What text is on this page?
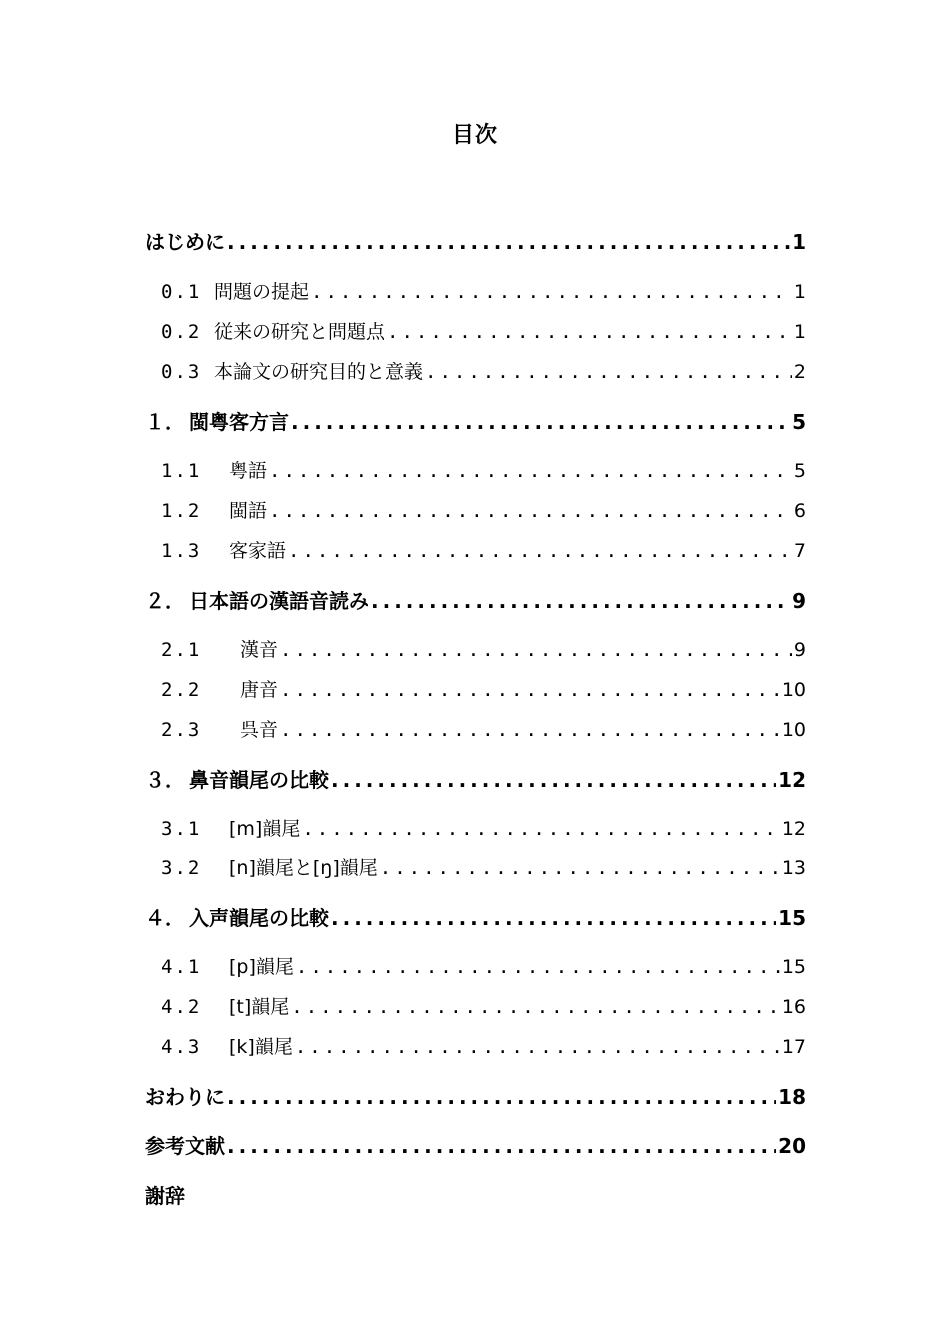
目次
はじめに .....	1
0.1 問題の提起 .....	1
0.2 従来の研究と問題点 .....	1
0.3 本論文の研究目的と意義 .....	2
１． 閩粤客方言 .....	5
1.1	粤語 .....	5
1.2	閩語 .....	6
1.3	客家語 .....	7
２． 日本語の漢語音読み .....	9
2.1	漢音 .....	9
2.2	唐音 .....	10
2.3	呉音 .....	10
３． 鼻音韻尾の比較 .....	12
3.1	[m]韻尾 .....	12
3.2	[n]韻尾と[ŋ]韻尾 .....	13
４． 入声韻尾の比較 .....	15
4.1	[p]韻尾 .....	15
4.2	[t]韻尾 .....	16
4.3	[k]韻尾 .....	17
おわりに .....	18
参考文献 .....	20
謝辞
